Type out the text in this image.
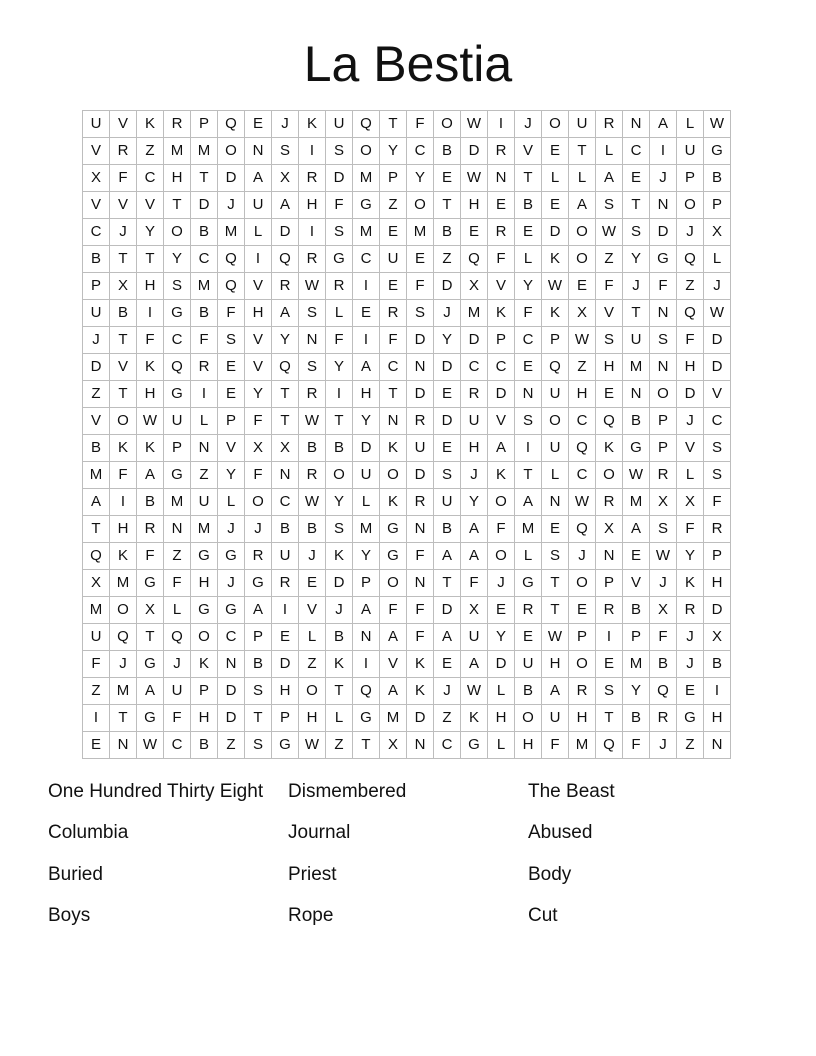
La Bestia
U	V	K	R	P	Q	E	J	K	U	Q	T	F	O	W	I	J	O	U	R	N	A	L	W
V	R	Z	M	M	O	N	S	I	S	O	Y	C	B	D	R	V	E	T	L	C	I	U	G
X	F	C	H	T	D	A	X	R	D	M	P	Y	E	W	N	T	L	L	A	E	J	P	B
V	V	V	T	D	J	U	A	H	F	G	Z	O	T	H	E	B	E	A	S	T	N	O	P
C	J	Y	O	B	M	L	D	I	S	M	E	M	B	E	R	E	D	O	W	S	D	J	X
B	T	T	Y	C	Q	I	Q	R	G	C	U	E	Z	Q	F	L	K	O	Z	Y	G	Q	L
P	X	H	S	M	Q	V	R	W	R	I	E	F	D	X	V	Y	W	E	F	J	F	Z	J
U	B	I	G	B	F	H	A	S	L	E	R	S	J	M	K	F	K	X	V	T	N	Q	W
J	T	F	C	F	S	V	Y	N	F	I	F	D	Y	D	P	C	P	W	S	U	S	F	D
D	V	K	Q	R	E	V	Q	S	Y	A	C	N	D	C	C	E	Q	Z	H	M	N	H	D
Z	T	H	G	I	E	Y	T	R	I	H	T	D	E	R	D	N	U	H	E	N	O	D	V
V	O	W	U	L	P	F	T	W	T	Y	N	R	D	U	V	S	O	C	Q	B	P	J	C
B	K	K	P	N	V	X	X	B	B	D	K	U	E	H	A	I	U	Q	K	G	P	V	S
M	F	A	G	Z	Y	F	N	R	O	U	O	D	S	J	K	T	L	C	O	W	R	L	S
A	I	B	M	U	L	O	C	W	Y	L	K	R	U	Y	O	A	N	W	R	M	X	X	F
T	H	R	N	M	J	J	B	B	S	M	G	N	B	A	F	M	E	Q	X	A	S	F	R
Q	K	F	Z	G	G	R	U	J	K	Y	G	F	A	A	O	L	S	J	N	E	W	Y	P
X	M	G	F	H	J	G	R	E	D	P	O	N	T	F	J	G	T	O	P	V	J	K	H
M	O	X	L	G	G	A	I	V	J	A	F	F	D	X	E	R	T	E	R	B	X	R	D
U	Q	T	Q	O	C	P	E	L	B	N	A	F	A	U	Y	E	W	P	I	P	F	J	X
F	J	G	J	K	N	B	D	Z	K	I	V	K	E	A	D	U	H	O	E	M	B	J	B
Z	M	A	U	P	D	S	H	O	T	Q	A	K	J	W	L	B	A	R	S	Y	Q	E	I
I	T	G	F	H	D	T	P	H	L	G	M	D	Z	K	H	O	U	H	T	B	R	G	H
E	N	W	C	B	Z	S	G	W	Z	T	X	N	C	G	L	H	F	M	Q	F	J	Z	N
One Hundred Thirty Eight	Dismembered	The Beast
Columbia	Journal	Abused
Buried	Priest	Body
Boys	Rope	Cut
